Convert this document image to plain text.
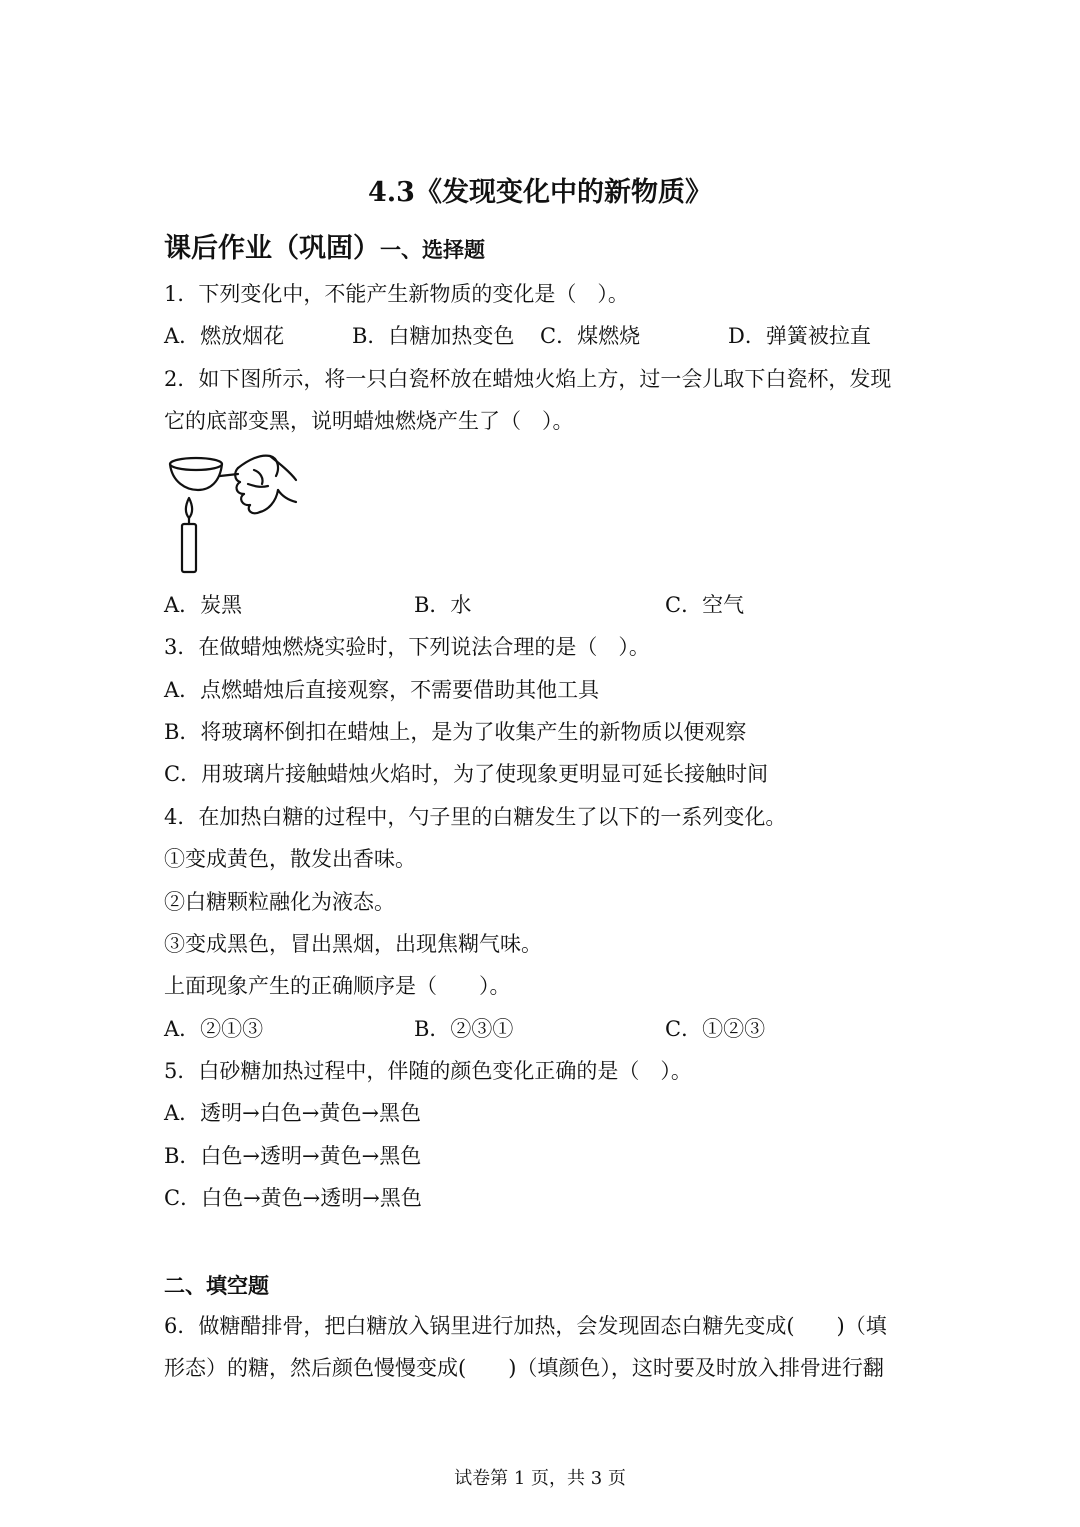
4.3《发现变化中的新物质》
课后作业（巩固）一、选择题
1．下列变化中，不能产生新物质的变化是（　）。
A．燃放烟花	B．白糖加热变色 C．煤燃烧	D．弹簧被拉直
2．如下图所示，将一只白瓷杯放在蜡烛火焰上方，过一会儿取下白瓷杯，发现
它的底部变黑，说明蜡烛燃烧产生了（　）。
A．炭黑	B．水	C．空气
3．在做蜡烛燃烧实验时，下列说法合理的是（　）。
A．点燃蜡烛后直接观察，不需要借助其他工具
B．将玻璃杯倒扣在蜡烛上，是为了收集产生的新物质以便观察
C．用玻璃片接触蜡烛火焰时，为了使现象更明显可延长接触时间
4．在加热白糖的过程中，勺子里的白糖发生了以下的一系列变化。
①变成黄色，散发出香味。
②白糖颗粒融化为液态。
③变成黑色，冒出黑烟，出现焦糊气味。
上面现象产生的正确顺序是（　　）。
A．②①③	B．②③①	C．①②③
5．白砂糖加热过程中，伴随的颜色变化正确的是（　）。
A．透明→白色→黄色→黑色
B．白色→透明→黄色→黑色
C．白色→黄色→透明→黑色
二、填空题
6．做糖醋排骨，把白糖放入锅里进行加热，会发现固态白糖先变成(　　)（填
形态）的糖，然后颜色慢慢变成(　　)（填颜色），这时要及时放入排骨进行翻
试卷第 1 页，共 3 页
